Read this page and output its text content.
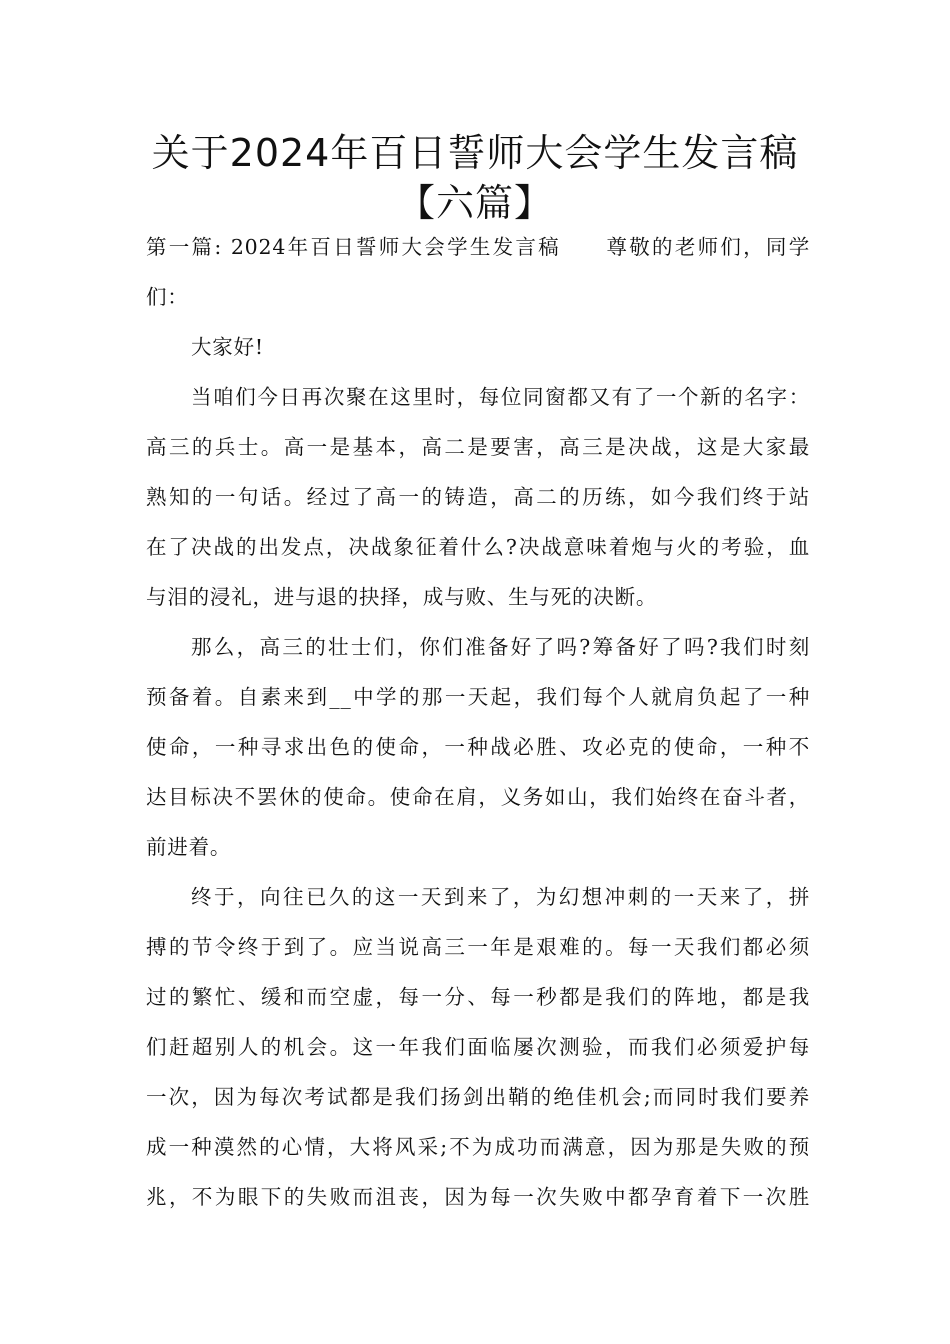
关于2024年百日誓师大会学生发言稿
【六篇】
第一篇: 2024年百日誓师大会学生发言稿　　尊敬的老师们，同学
们：
大家好!
当咱们今日再次聚在这里时，每位同窗都又有了一个新的名字：
高三的兵士。高一是基本，高二是要害，高三是决战，这是大家最
熟知的一句话。经过了高一的铸造，高二的历练，如今我们终于站
在了决战的出发点，决战象征着什么?决战意味着炮与火的考验，血
与泪的浸礼，进与退的抉择，成与败、生与死的决断。
那么，高三的壮士们，你们准备好了吗?筹备好了吗?我们时刻
预备着。自素来到__中学的那一天起，我们每个人就肩负起了一种
使命，一种寻求出色的使命，一种战必胜、攻必克的使命，一种不
达目标决不罢休的使命。使命在肩，义务如山，我们始终在奋斗者，
前进着。
终于，向往已久的这一天到来了，为幻想冲刺的一天来了，拼
搏的节令终于到了。应当说高三一年是艰难的。每一天我们都必须
过的繁忙、缓和而空虚，每一分、每一秒都是我们的阵地，都是我
们赶超别人的机会。这一年我们面临屡次测验，而我们必须爱护每
一次，因为每次考试都是我们扬剑出鞘的绝佳机会;而同时我们要养
成一种漠然的心情，大将风采;不为成功而满意，因为那是失败的预
兆，不为眼下的失败而沮丧，因为每一次失败中都孕育着下一次胜
